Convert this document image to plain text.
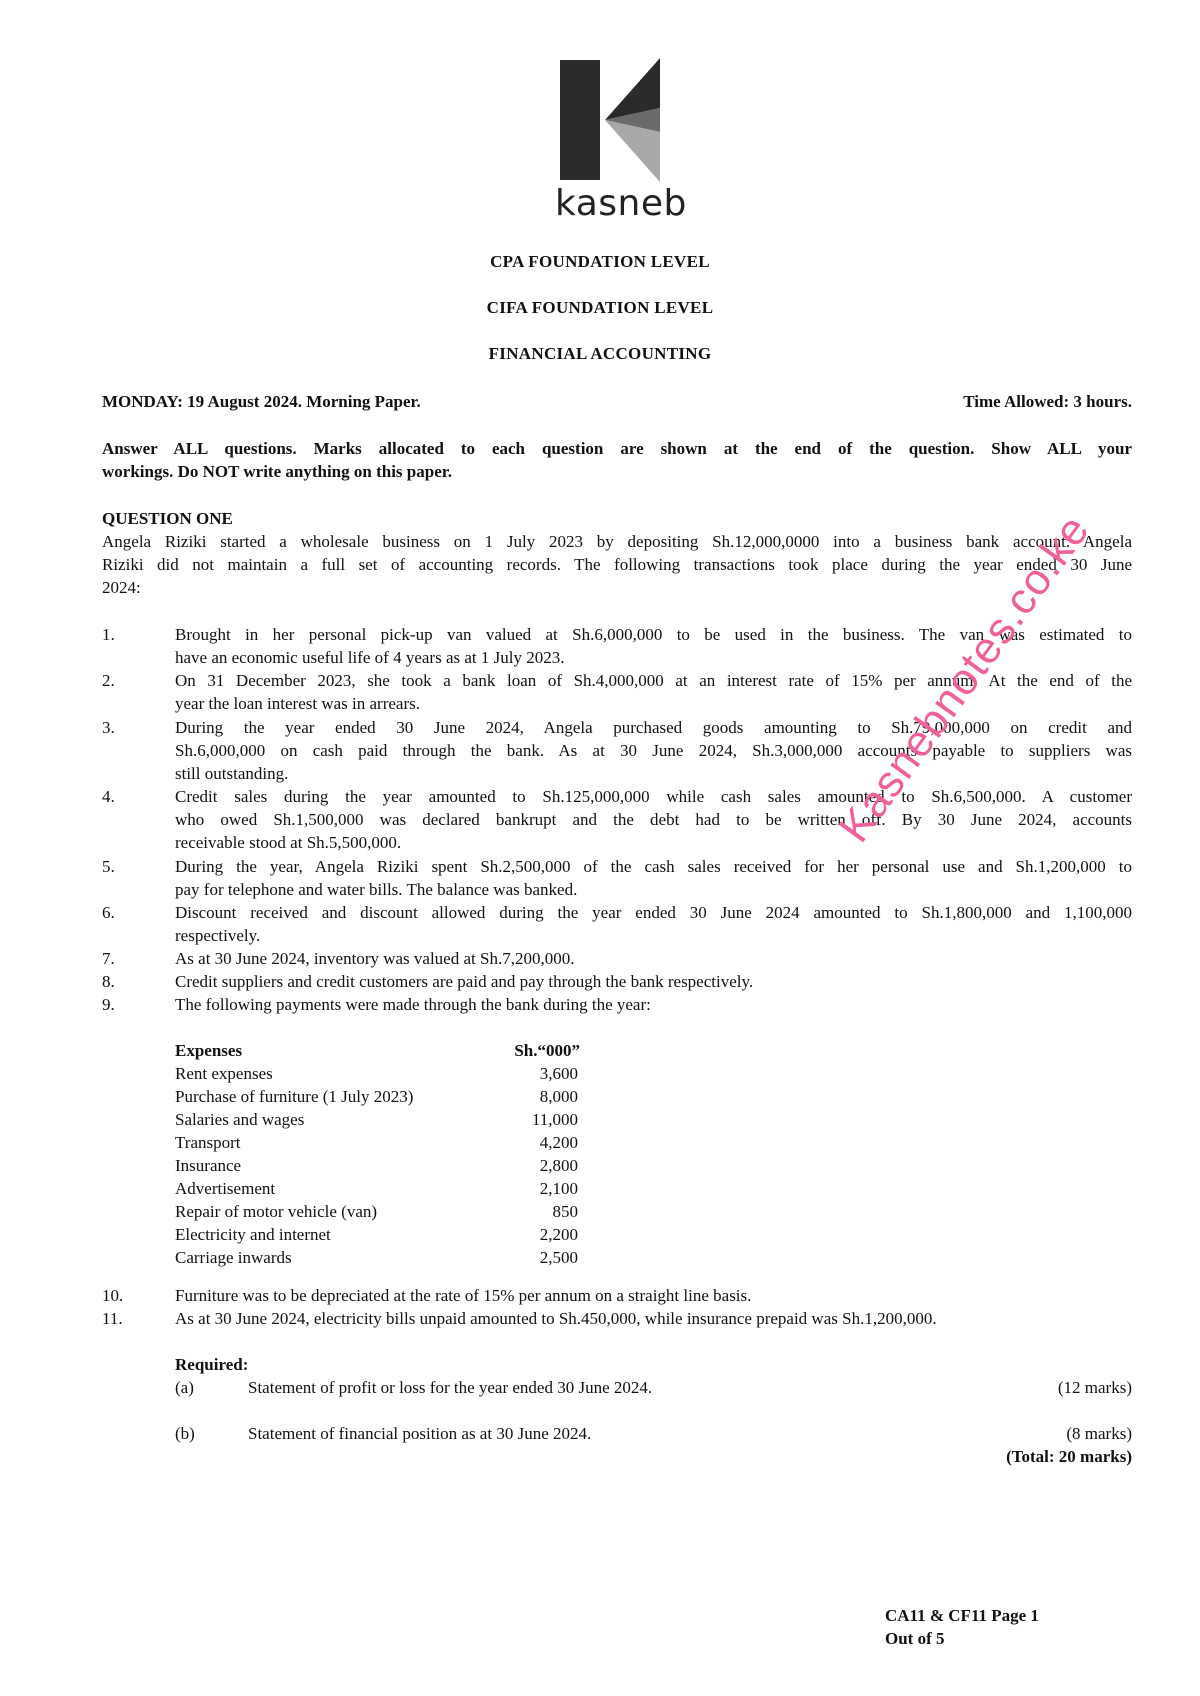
kasneb
CPA FOUNDATION LEVEL
CIFA FOUNDATION LEVEL
FINANCIAL ACCOUNTING
MONDAY: 19 August 2024. Morning Paper.	Time Allowed: 3 hours.
Answer ALL questions. Marks allocated to each question are shown at the end of the question. Show ALL your
workings. Do NOT write anything on this paper.
QUESTION ONE
Angela Riziki started a wholesale business on 1 July 2023 by depositing Sh.12,000,0000 into a business bank account. Angela
Riziki did not maintain a full set of accounting records. The following transactions took place during the year ended 30 June
2024:
1.	Brought in her personal pick-up van valued at Sh.6,000,000 to be used in the business. The van was estimated to
have an economic useful life of 4 years as at 1 July 2023.
2.	On 31 December 2023, she took a bank loan of Sh.4,000,000 at an interest rate of 15% per annum. At the end of the
year the loan interest was in arrears.
3.	During the year ended 30 June 2024, Angela purchased goods amounting to Sh.79,000,000 on credit and
Sh.6,000,000 on cash paid through the bank. As at 30 June 2024, Sh.3,000,000 accounts payable to suppliers was
still outstanding.
4.	Credit sales during the year amounted to Sh.125,000,000 while cash sales amounted to Sh.6,500,000. A customer
who owed Sh.1,500,000 was declared bankrupt and the debt had to be written off. By 30 June 2024, accounts
receivable stood at Sh.5,500,000.
5.	During the year, Angela Riziki spent Sh.2,500,000 of the cash sales received for her personal use and Sh.1,200,000 to
pay for telephone and water bills. The balance was banked.
6.	Discount received and discount allowed during the year ended 30 June 2024 amounted to Sh.1,800,000 and 1,100,000
respectively.
7.	As at 30 June 2024, inventory was valued at Sh.7,200,000.
8.	Credit suppliers and credit customers are paid and pay through the bank respectively.
9.	The following payments were made through the bank during the year:
Expenses	Sh.“000”
Rent expenses	3,600
Purchase of furniture (1 July 2023)	8,000
Salaries and wages	11,000
Transport	4,200
Insurance	2,800
Advertisement	2,100
Repair of motor vehicle (van)	850
Electricity and internet	2,200
Carriage inwards	2,500
10.	Furniture was to be depreciated at the rate of 15% per annum on a straight line basis.
11.	As at 30 June 2024, electricity bills unpaid amounted to Sh.450,000, while insurance prepaid was Sh.1,200,000.
Required:
(a)	Statement of profit or loss for the year ended 30 June 2024.	(12 marks)
(b)	Statement of financial position as at 30 June 2024.	(8 marks)
(Total: 20 marks)
CA11 & CF11 Page 1
Out of 5
Kasnebnotes.co.ke
